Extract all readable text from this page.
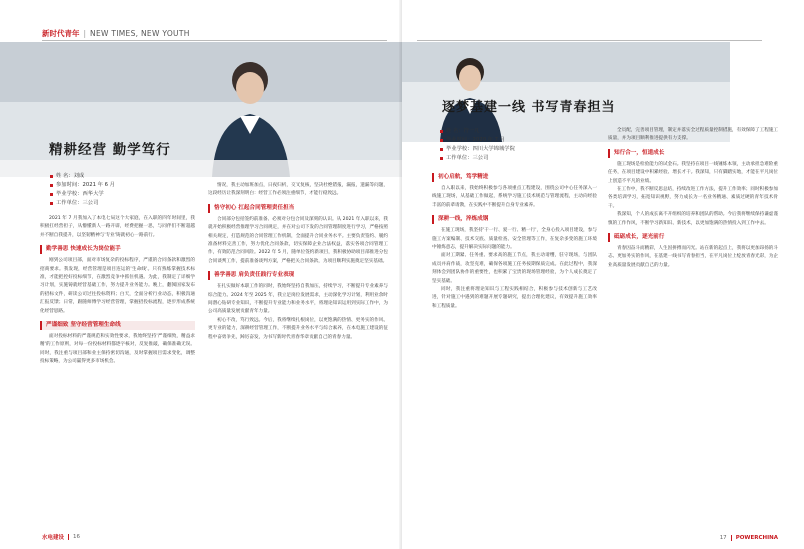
新时代青年 | NEW TIMES, NEW YOUTH
精耕经营 勤学笃行
姓 名：刘成
参加时间：2021 年 6 月
毕业学校：西华大学
工作单位：三公司

2021 年 7 月我加入了本电七局这个大家庭，在入职的四年时间里，我积极扛经营担子，从懵懂新人一路开辟，经费把握一思，与同伴们不断超越并不断自我提升，以坚韧精神与'专业'铸就初心一路前行。

勤学善思 快速成长为岗位能手

刚到公司项目部，面对市场复杂的投标程序，严谨的合同条款和激烈的招商要求。我发现，经营管理是项目连运的'生命线'。只有熟练掌握技术标准，才能把控好投标细节，在激烈竞争中抓住机遇。为此，我制定了详细学习计划，实施铸就经营基础工作，努力提升业务能力。晚上，翻阅国家发布的招标文件，研读公司过往投标资料；白天，全面分析行业动态，积极沟通汇报反馈；日常，跟随师傅学习经营管理，掌握招投标流程，逐步形成系统化经营思路。

严谨细致 坚守经营管理生命线

面对投标材料的严谨规范和实效性要求，我始终坚持'严谨细致，精益求精'的工作原则，对每一份投标材料都逐字核对，反复推敲，确保准确无误。同时，我注重与项目部和业主保持密切沟通，及时掌握项目需求变化，调整投标策略，为公司赢得更多市场机会。

情况，我主动加班加点，日夜归析，交叉复核，坚决杜绝错报，漏报，遗漏等问题，这段经历让我深刻明白：经营工作必须注重细节，才能行稳致远。

恪守初心 扛起合同管理责任担当

合同部分包括签约前准备、必须对分包合同及深刻的认识。从 2021 年入职以来，我就开始积极经营推理学习合同规定，并在对公司下发的合同管理制度进行学习，严格按照相关规定，打造规范的合同管理工作机制，全面提升合同业务水平。主要负责签约、履约准备材料完善工作，努力优化合同条款，切实保障企业合法权益，落实各项合同管理工作，有效防范合同风险。2022 年 5 月，随单位签约新项目，我积极协助项目部推进分包合同谈判工作，提前准备谈判方案，严格把关合同条款，为项目顺利实施奠定坚实基础。

善学善思 肩负责任践行专业表现

在扎实做好本职工作的同时，我始终坚持自我加压，持续学习，不断提升专业素养与综合能力。2024 年至 2025 年，我立足岗位发展需求，主动深化学习计划，利用业余时间潜心钻研专业知识，不断提升专业能力和业务水平，将理论知识运用到实际工作中，为公司高质量发展贡献青年力量。

初心不改，笃行致远。今后，我将继续扎根岗位，以更饱满的热情、更务实的作风、更专业的能力，深耕经营管理工作，不断提升业务水平与综合素养，在本电施工建设的征程中奋勇争先，踔厉奋发，为书写新时代青春华章贡献自己的青春力量。

水电建设 16
逐梦基建一线 书写青春担当
姓 名：符一凡
毕业时间：2020 年 7 月
毕业学校：四川大学锦城学院
工作单位：三公司
初心启航，笃学精进

自入职以来，我始终积极参与各项重点工程建设，围绕公司中心任务深入一线施工现场，从基础工作做起，系统学习施工技术规范与管理流程，主动向经验丰富的前辈请教，在实践中不断提升自身专业素养。

深耕一线，淬炼成钢

在施工现场，我坚持'干一行、爱一行、精一行'，全身心投入项目建设，参与施工方案编制、技术交底、质量检查、安全管理等工作，在复杂多变的施工环境中锤炼意志，提升解决实际问题的能力。

面对工期紧、任务重、要求高的施工节点，我主动请缨，驻守现场，与团队成员并肩作战，攻坚克难，确保各项施工任务按期保质完成。在此过程中，我深刻体会到团队协作的重要性，也积累了宝贵的现场管理经验，为个人成长奠定了坚实基础。

同时，我注重将理论知识与工程实践相结合，积极参与技术创新与工艺改进，针对施工中遇到的难题开展专题研究，提出合理化建议，有效提升施工效率和工程质量。

全员配，完善项目管理，制定并落实全过程质量控制措施，有效保障了工程施工质量，并为项目顺利推进提供有力支撑。

知行合一，恒道成长

施工现场是检验能力的试金石。我坚持在项目一线锤炼本领，主动承担急难险重任务，在项目建设中积累经验、增长才干。我深知，只有脚踏实地，才能在平凡岗位上创造不平凡的业绩。

在工作中，我不断反思总结，持续改进工作方法，提升工作效率；同时积极参加各类培训学习，拓宽知识视野，努力成长为一名业务精通、素质过硬的青年技术骨干。

我深知，个人的成长离不开组织的培养和团队的帮助。今后我将继续保持谦虚谨慎的工作作风，不断学习新知识、新技术，以更加饱满的热情投入到工作中去。

砥砺成长，逐光前行

青春因奋斗而精彩，人生因拼搏而闪光。站在新的起点上，我将以更加昂扬的斗志、更加务实的作风，在基建一线书写青春担当，在平凡岗位上绽放青春光彩，为企业高质量发展贡献自己的力量。

17 POWERCHINA
